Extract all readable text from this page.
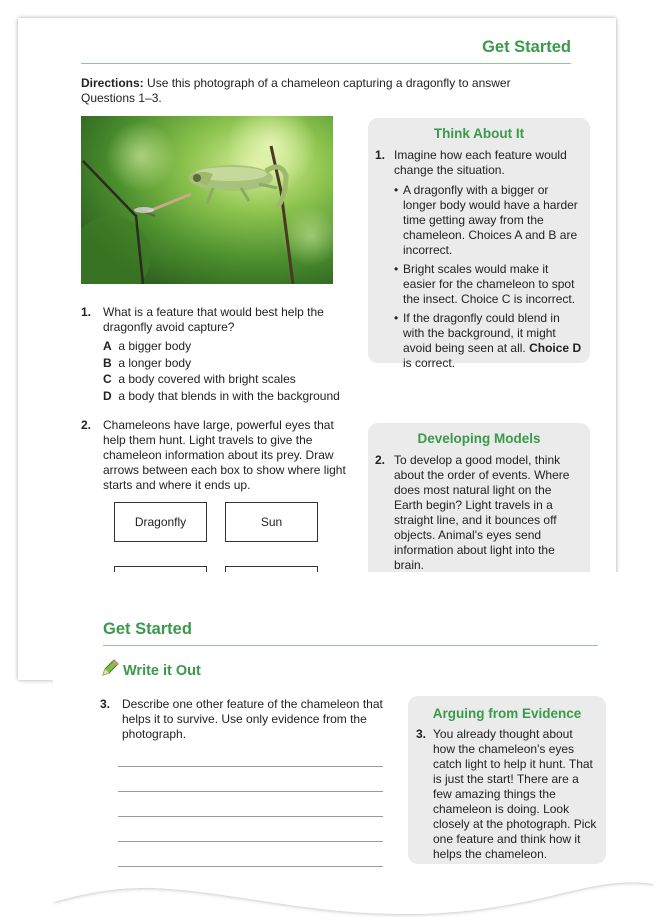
Get Started
Directions: Use this photograph of a chameleon capturing a dragonfly to answer Questions 1–3.
1. What is a feature that would best help the dragonfly avoid capture?
A a bigger body
B a longer body
C a body covered with bright scales
D a body that blends in with the background
2. Chameleons have large, powerful eyes that help them hunt. Light travels to give the chameleon information about its prey. Draw arrows between each box to show where light starts and where it ends up.
Dragonfly	Sun
Think About It
1. Imagine how each feature would change the situation.
• A dragonfly with a bigger or longer body would have a harder time getting away from the chameleon. Choices A and B are incorrect.
• Bright scales would make it easier for the chameleon to spot the insect. Choice C is incorrect.
• If the dragonfly could blend in with the background, it might avoid being seen at all. Choice D is correct.
Developing Models
2. To develop a good model, think about the order of events. Where does most natural light on the Earth begin? Light travels in a straight line, and it bounces off objects. Animal's eyes send information about light into the brain.
Get Started
Write it Out
3. Describe one other feature of the chameleon that helps it to survive. Use only evidence from the photograph.
Arguing from Evidence
3. You already thought about how the chameleon's eyes catch light to help it hunt. That is just the start! There are a few amazing things the chameleon is doing. Look closely at the photograph. Pick one feature and think how it helps the chameleon.
